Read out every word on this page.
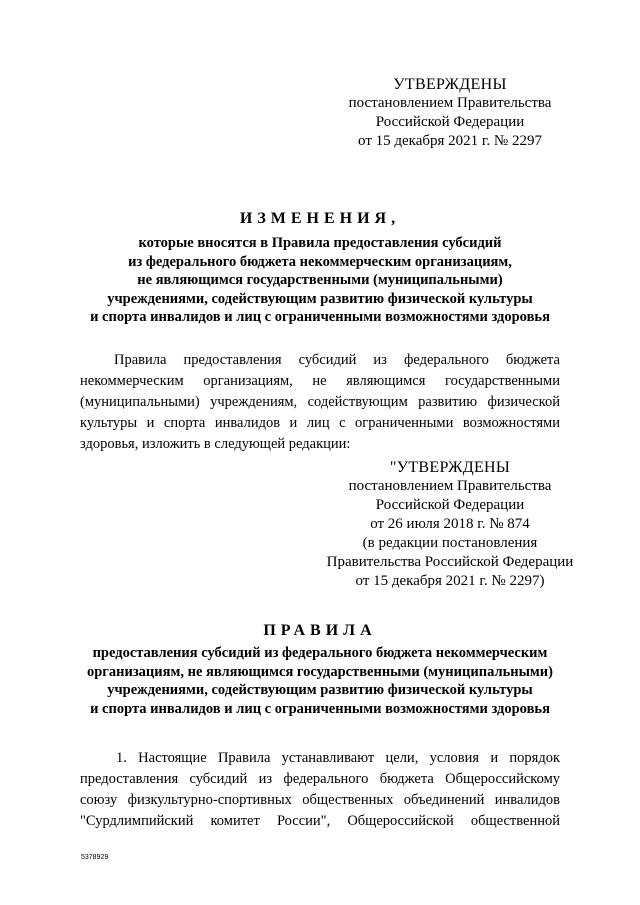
УТВЕРЖДЕНЫ
постановлением Правительства
Российской Федерации
от 15 декабря 2021 г. № 2297
ИЗМЕНЕНИЯ,
которые вносятся в Правила предоставления субсидий
из федерального бюджета некоммерческим организациям,
не являющимся государственными (муниципальными)
учреждениями, содействующим развитию физической культуры
и спорта инвалидов и лиц с ограниченными возможностями здоровья
Правила предоставления субсидий из федерального бюджета
некоммерческим организациям, не являющимся государственными
(муниципальными) учреждениям, содействующим развитию физической
культуры и спорта инвалидов и лиц с ограниченными возможностями
здоровья, изложить в следующей редакции:
"УТВЕРЖДЕНЫ
постановлением Правительства
Российской Федерации
от 26 июля 2018 г. № 874
(в редакции постановления
Правительства Российской Федерации
от 15 декабря 2021 г. № 2297)
ПРАВИЛА
предоставления субсидий из федерального бюджета некоммерческим
организациям, не являющимся государственными (муниципальными)
учреждениями, содействующим развитию физической культуры
и спорта инвалидов и лиц с ограниченными возможностями здоровья
1. Настоящие Правила устанавливают цели, условия и порядок
предоставления субсидий из федерального бюджета Общероссийскому
союзу физкультурно-спортивных общественных объединений инвалидов
"Сурдлимпийский комитет России", Общероссийской общественной
5378929
